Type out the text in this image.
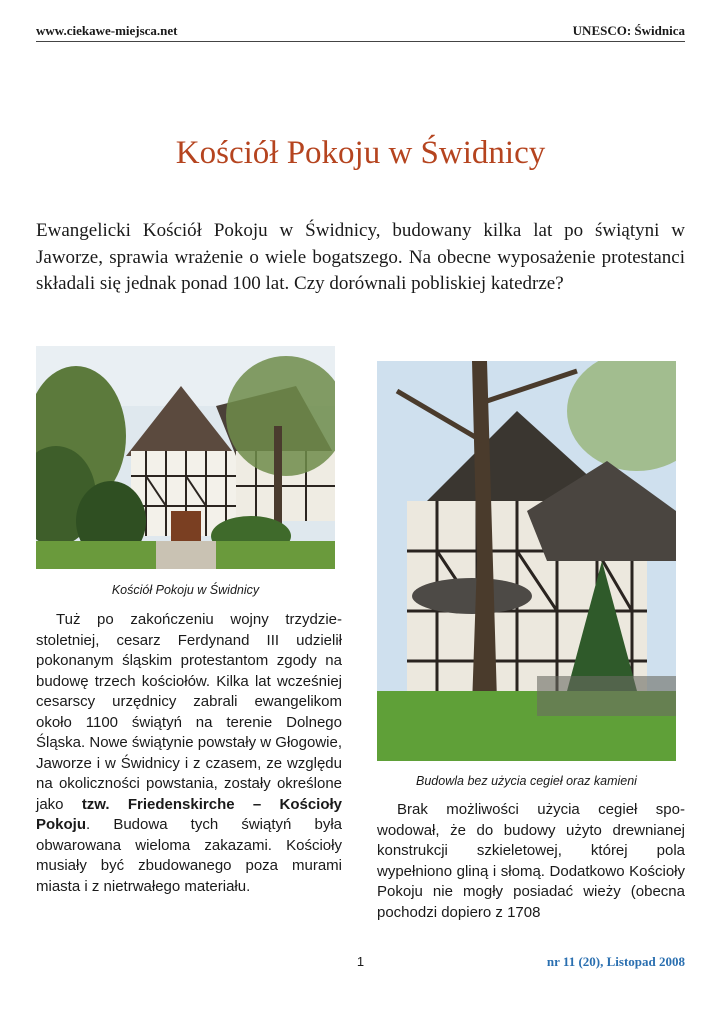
www.ciekawe-miejsca.net	UNESCO: Świdnica
Kościół Pokoju w Świdnicy

Ewangelicki Kościół Pokoju w Świdnicy, budowany kilka lat po świątyni w Jaworze, sprawia wrażenie o wiele bogatszego. Na obecne wyposażenie protestanci składali się jednak ponad 100 lat. Czy dorównali pobliskiej katedrze?

Kościół Pokoju w Świdnicy
Budowla bez użycia cegieł oraz kamieni

Tuż po zakończeniu wojny trzydziestoletniej, cesarz Ferdynand III udzielił pokonanym śląskim protestantom zgody na budowę trzech kościołów. Kilka lat wcześniej cesarscy urzędnicy zabrali ewangelikom około 1100 świątyń na terenie Dolnego Śląska. Nowe świątynie powstały w Głogowie, Jaworze i w Świdnicy i z czasem, ze względu na okoliczności powstania, zostały określone jako tzw. Friedenskirche – Kościoły Pokoju. Budowa tych świątyń była obwarowana wieloma zakazami. Kościoły musiały być zbudowanego poza murami miasta i z nietrwałego materiału.

Brak możliwości użycia cegieł spowodował, że do budowy użyto drewnianej konstrukcji szkieletowej, której pola wypełniono gliną i słomą. Dodatkowo Kościoły Pokoju nie mogły posiadać wieży (obecna pochodzi dopiero z 1708

1	nr 11 (20), Listopad 2008
